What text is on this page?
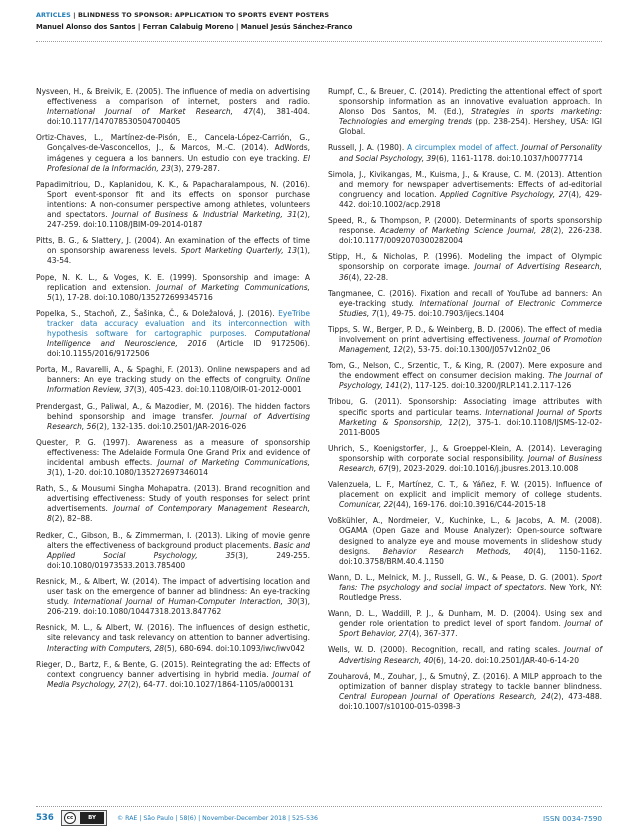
ARTICLES | BLINDNESS TO SPONSOR: APPLICATION TO SPORTS EVENT POSTERS
Manuel Alonso dos Santos | Ferran Calabuig Moreno | Manuel Jesús Sánchez-Franco

Nysveen, H., & Breivik, E. (2005). The influence of media on advertising effectiveness a comparison of internet, posters and radio. International Journal of Market Research, 47(4), 381-404. doi:10.1177/147078530504700405

Ortiz-Chaves, L., Martínez-de-Pisón, E., Cancela-López-Carrión, G., Gonçalves-de-Vasconcellos, J., & Marcos, M.-C. (2014). AdWords, imágenes y ceguera a los banners. Un estudio con eye tracking. El Profesional de la Información, 23(3), 279-287.

Papadimitriou, D., Kaplanidou, K. K., & Papacharalampous, N. (2016). Sport event-sponsor fit and its effects on sponsor purchase intentions: A non-consumer perspective among athletes, volunteers and spectators. Journal of Business & Industrial Marketing, 31(2), 247-259. doi:10.1108/JBIM-09-2014-0187

Pitts, B. G., & Slattery, J. (2004). An examination of the effects of time on sponsorship awareness levels. Sport Marketing Quarterly, 13(1), 43-54.

Pope, N. K. L., & Voges, K. E. (1999). Sponsorship and image: A replication and extension. Journal of Marketing Communications, 5(1), 17-28. doi:10.1080/135272699345716

Popelka, S., Stachoň, Z., Šašinka, Č., & Doležalová, J. (2016). EyeTribe tracker data accuracy evaluation and its interconnection with hypothesis software for cartographic purposes. Computational Intelligence and Neuroscience, 2016 (Article ID 9172506). doi:10.1155/2016/9172506

Porta, M., Ravarelli, A., & Spaghi, F. (2013). Online newspapers and ad banners: An eye tracking study on the effects of congruity. Online Information Review, 37(3), 405-423. doi:10.1108/OIR-01-2012-0001

Prendergast, G., Paliwal, A., & Mazodier, M. (2016). The hidden factors behind sponsorship and image transfer. Journal of Advertising Research, 56(2), 132-135. doi:10.2501/JAR-2016-026

Quester, P. G. (1997). Awareness as a measure of sponsorship effectiveness: The Adelaide Formula One Grand Prix and evidence of incidental ambush effects. Journal of Marketing Communications, 3(1), 1-20. doi:10.1080/135272697346014

Rath, S., & Mousumi Singha Mohapatra. (2013). Brand recognition and advertising effectiveness: Study of youth responses for select print advertisements. Journal of Contemporary Management Research, 8(2), 82–88.

Redker, C., Gibson, B., & Zimmerman, I. (2013). Liking of movie genre alters the effectiveness of background product placements. Basic and Applied Social Psychology, 35(3), 249-255. doi:10.1080/01973533.2013.785400

Resnick, M., & Albert, W. (2014). The impact of advertising location and user task on the emergence of banner ad blindness: An eye-tracking study. International Journal of Human-Computer Interaction, 30(3), 206-219. doi:10.1080/10447318.2013.847762

Resnick, M. L., & Albert, W. (2016). The influences of design esthetic, site relevancy and task relevancy on attention to banner advertising. Interacting with Computers, 28(5), 680-694. doi:10.1093/iwc/iwv042

Rieger, D., Bartz, F., & Bente, G. (2015). Reintegrating the ad: Effects of context congruency banner advertising in hybrid media. Journal of Media Psychology, 27(2), 64-77. doi:10.1027/1864-1105/a000131

Rumpf, C., & Breuer, C. (2014). Predicting the attentional effect of sport sponsorship information as an innovative evaluation approach. In Alonso Dos Santos, M. (Ed.), Strategies in sports marketing: Technologies and emerging trends (pp. 238-254). Hershey, USA: IGI Global.

Russell, J. A. (1980). A circumplex model of affect. Journal of Personality and Social Psychology, 39(6), 1161-1178. doi:10.1037/h0077714

Simola, J., Kivikangas, M., Kuisma, J., & Krause, C. M. (2013). Attention and memory for newspaper advertisements: Effects of ad-editorial congruency and location. Applied Cognitive Psychology, 27(4), 429-442. doi:10.1002/acp.2918

Speed, R., & Thompson, P. (2000). Determinants of sports sponsorship response. Academy of Marketing Science Journal, 28(2), 226-238. doi:10.1177/0092070300282004

Stipp, H., & Nicholas, P. (1996). Modeling the impact of Olympic sponsorship on corporate image. Journal of Advertising Research, 36(4), 22-28.

Tangmanee, C. (2016). Fixation and recall of YouTube ad banners: An eye-tracking study. International Journal of Electronic Commerce Studies, 7(1), 49-75. doi:10.7903/ijecs.1404

Tipps, S. W., Berger, P. D., & Weinberg, B. D. (2006). The effect of media involvement on print advertising effectiveness. Journal of Promotion Management, 12(2), 53-75. doi:10.1300/J057v12n02_06

Tom, G., Nelson, C., Srzentic, T., & King, R. (2007). Mere exposure and the endowment effect on consumer decision making. The Journal of Psychology, 141(2), 117-125. doi:10.3200/JRLP.141.2.117-126

Tribou, G. (2011). Sponsorship: Associating image attributes with specific sports and particular teams. International Journal of Sports Marketing & Sponsorship, 12(2), 375-1. doi:10.1108/IJSMS-12-02-2011-B005

Uhrich, S., Koenigstorfer, J., & Groeppel-Klein, A. (2014). Leveraging sponsorship with corporate social responsibility. Journal of Business Research, 67(9), 2023-2029. doi:10.1016/j.jbusres.2013.10.008

Valenzuela, L. F., Martínez, C. T., & Yáñez, F. W. (2015). Influence of placement on explicit and implicit memory of college students. Comunicar, 22(44), 169-176. doi:10.3916/C44-2015-18

Voßkühler, A., Nordmeier, V., Kuchinke, L., & Jacobs, A. M. (2008). OGAMA (Open Gaze and Mouse Analyzer): Open-source software designed to analyze eye and mouse movements in slideshow study designs. Behavior Research Methods, 40(4), 1150-1162. doi:10.3758/BRM.40.4.1150

Wann, D. L., Melnick, M. J., Russell, G. W., & Pease, D. G. (2001). Sport fans: The psychology and social impact of spectators. New York, NY: Routledge Press.

Wann, D. L., Waddill, P. J., & Dunham, M. D. (2004). Using sex and gender role orientation to predict level of sport fandom. Journal of Sport Behavior, 27(4), 367-377.

Wells, W. D. (2000). Recognition, recall, and rating scales. Journal of Advertising Research, 40(6), 14-20. doi:10.2501/JAR-40-6-14-20

Zouharová, M., Zouhar, J., & Smutný, Z. (2016). A MILP approach to the optimization of banner display strategy to tackle banner blindness. Central European Journal of Operations Research, 24(2), 473-488. doi:10.1007/s10100-015-0398-3

536	cc	BY	© RAE | São Paulo | 58(6) | November-December 2018 | 525-536	ISSN 0034-7590
